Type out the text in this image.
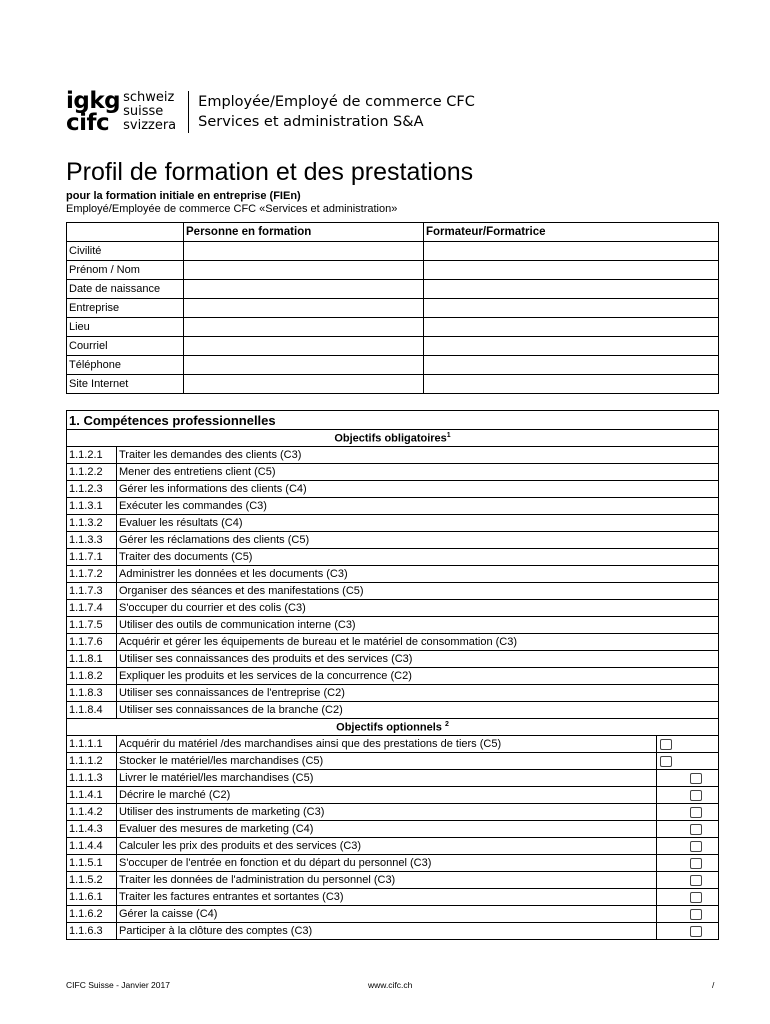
igkg
cifc
schweiz
suisse
svizzera
Employée/Employé de commerce CFC
Services et administration S&A
Profil de formation et des prestations
pour la formation initiale en entreprise (FIEn)
Employé/Employée de commerce CFC «Services et administration»
	Personne en formation	Formateur/Formatrice
Civilité		
Prénom / Nom		
Date de naissance		
Entreprise		
Lieu		
Courriel		
Téléphone		
Site Internet		
1. Compétences professionnelles		
Objectifs obligatoires$^1$
1.1.2.1	Traiter les demandes des clients (C3)	
1.1.2.2	Mener des entretiens client (C5)	
1.1.2.3	Gérer les informations des clients (C4)	
1.1.3.1	Exécuter les commandes (C3)	
1.1.3.2	Evaluer les résultats (C4)	
1.1.3.3	Gérer les réclamations des clients (C5)	
1.1.7.1	Traiter des documents (C5)	
1.1.7.2	Administrer les données et les documents (C3)	
1.1.7.3	Organiser des séances et des manifestations (C5)	
1.1.7.4	S'occuper du courrier et des colis (C3)	
1.1.7.5	Utiliser des outils de communication interne (C3)	
1.1.7.6	Acquérir et gérer les équipements de bureau et le matériel de consommation (C3)	
1.1.8.1	Utiliser ses connaissances des produits et des services (C3)	
1.1.8.2	Expliquer les produits et les services de la concurrence (C2)	
1.1.8.3	Utiliser ses connaissances de l'entreprise (C2)	
1.1.8.4	Utiliser ses connaissances de la branche (C2)	
Objectifs optionnels $^2$
1.1.1.1	Acquérir du matériel /des marchandises ainsi que des prestations de tiers (C5)	
1.1.1.2	Stocker le matériel/les marchandises (C5)	
1.1.1.3	Livrer le matériel/les marchandises (C5)	
1.1.4.1	Décrire le marché (C2)	
1.1.4.2	Utiliser des instruments de marketing (C3)	
1.1.4.3	Evaluer des mesures de marketing (C4)	
1.1.4.4	Calculer les prix des produits et des services (C3)	
1.1.5.1	S'occuper de l'entrée en fonction et du départ du personnel (C3)	
1.1.5.2	Traiter les données de l'administration du personnel (C3)	
1.1.6.1	Traiter les factures entrantes et sortantes (C3)	
1.1.6.2	Gérer la caisse (C4)	
1.1.6.3	Participer à la clôture des comptes (C3)	
CIFC Suisse - Janvier 2017	www.cifc.ch	/
